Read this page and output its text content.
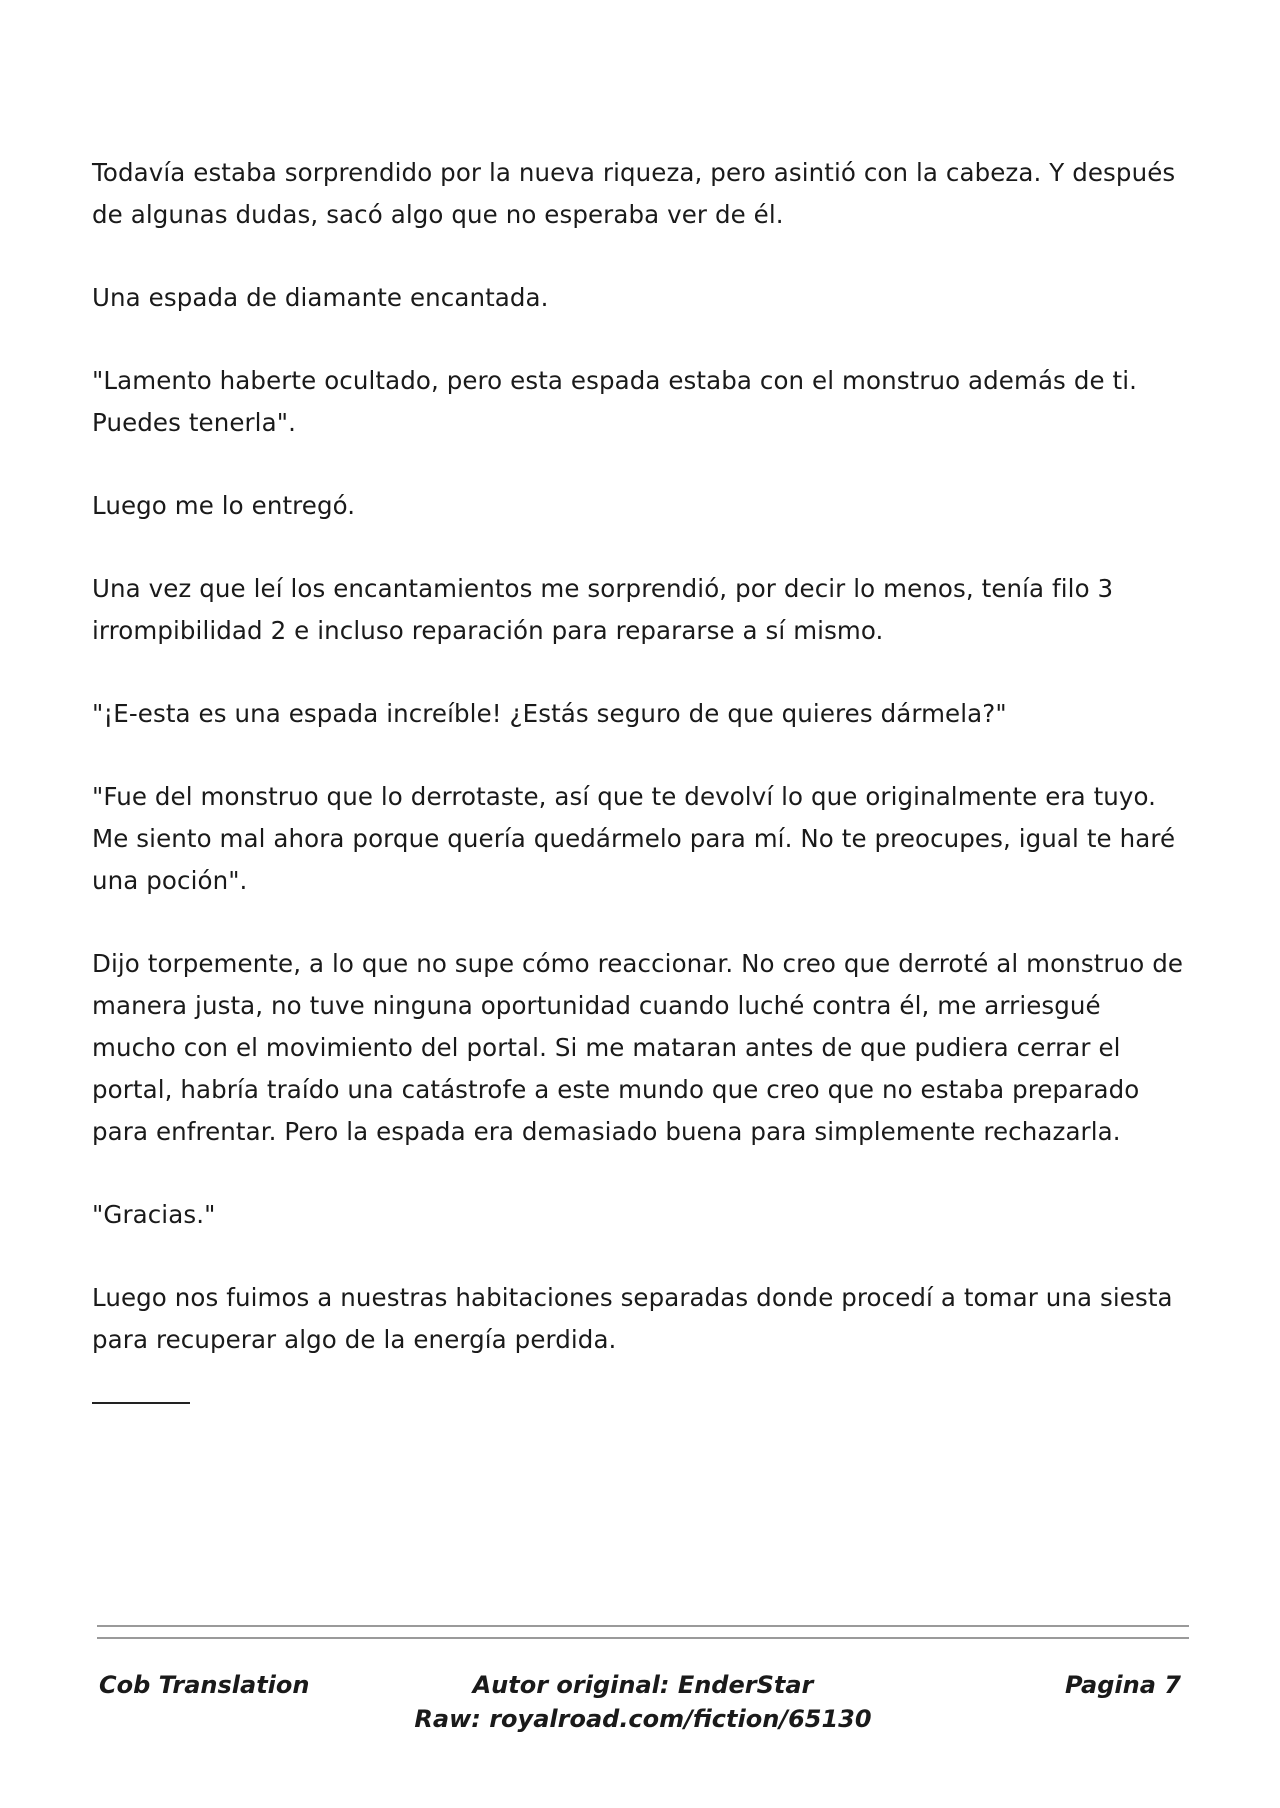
Todavía estaba sorprendido por la nueva riqueza, pero asintió con la cabeza. Y después de algunas dudas, sacó algo que no esperaba ver de él.

Una espada de diamante encantada.

"Lamento haberte ocultado, pero esta espada estaba con el monstruo además de ti. Puedes tenerla".

Luego me lo entregó.

Una vez que leí los encantamientos me sorprendió, por decir lo menos, tenía filo 3 irrompibilidad 2 e incluso reparación para repararse a sí mismo.

"¡E-esta es una espada increíble! ¿Estás seguro de que quieres dármela?"

"Fue del monstruo que lo derrotaste, así que te devolví lo que originalmente era tuyo. Me siento mal ahora porque quería quedármelo para mí. No te preocupes, igual te haré una poción".

Dijo torpemente, a lo que no supe cómo reaccionar. No creo que derroté al monstruo de manera justa, no tuve ninguna oportunidad cuando luché contra él, me arriesgué mucho con el movimiento del portal. Si me mataran antes de que pudiera cerrar el portal, habría traído una catástrofe a este mundo que creo que no estaba preparado para enfrentar. Pero la espada era demasiado buena para simplemente rechazarla.

"Gracias."

Luego nos fuimos a nuestras habitaciones separadas donde procedí a tomar una siesta para recuperar algo de la energía perdida.

Cob Translation	Autor original: EnderStar
Raw: royalroad.com/fiction/65130
Pagina 7
